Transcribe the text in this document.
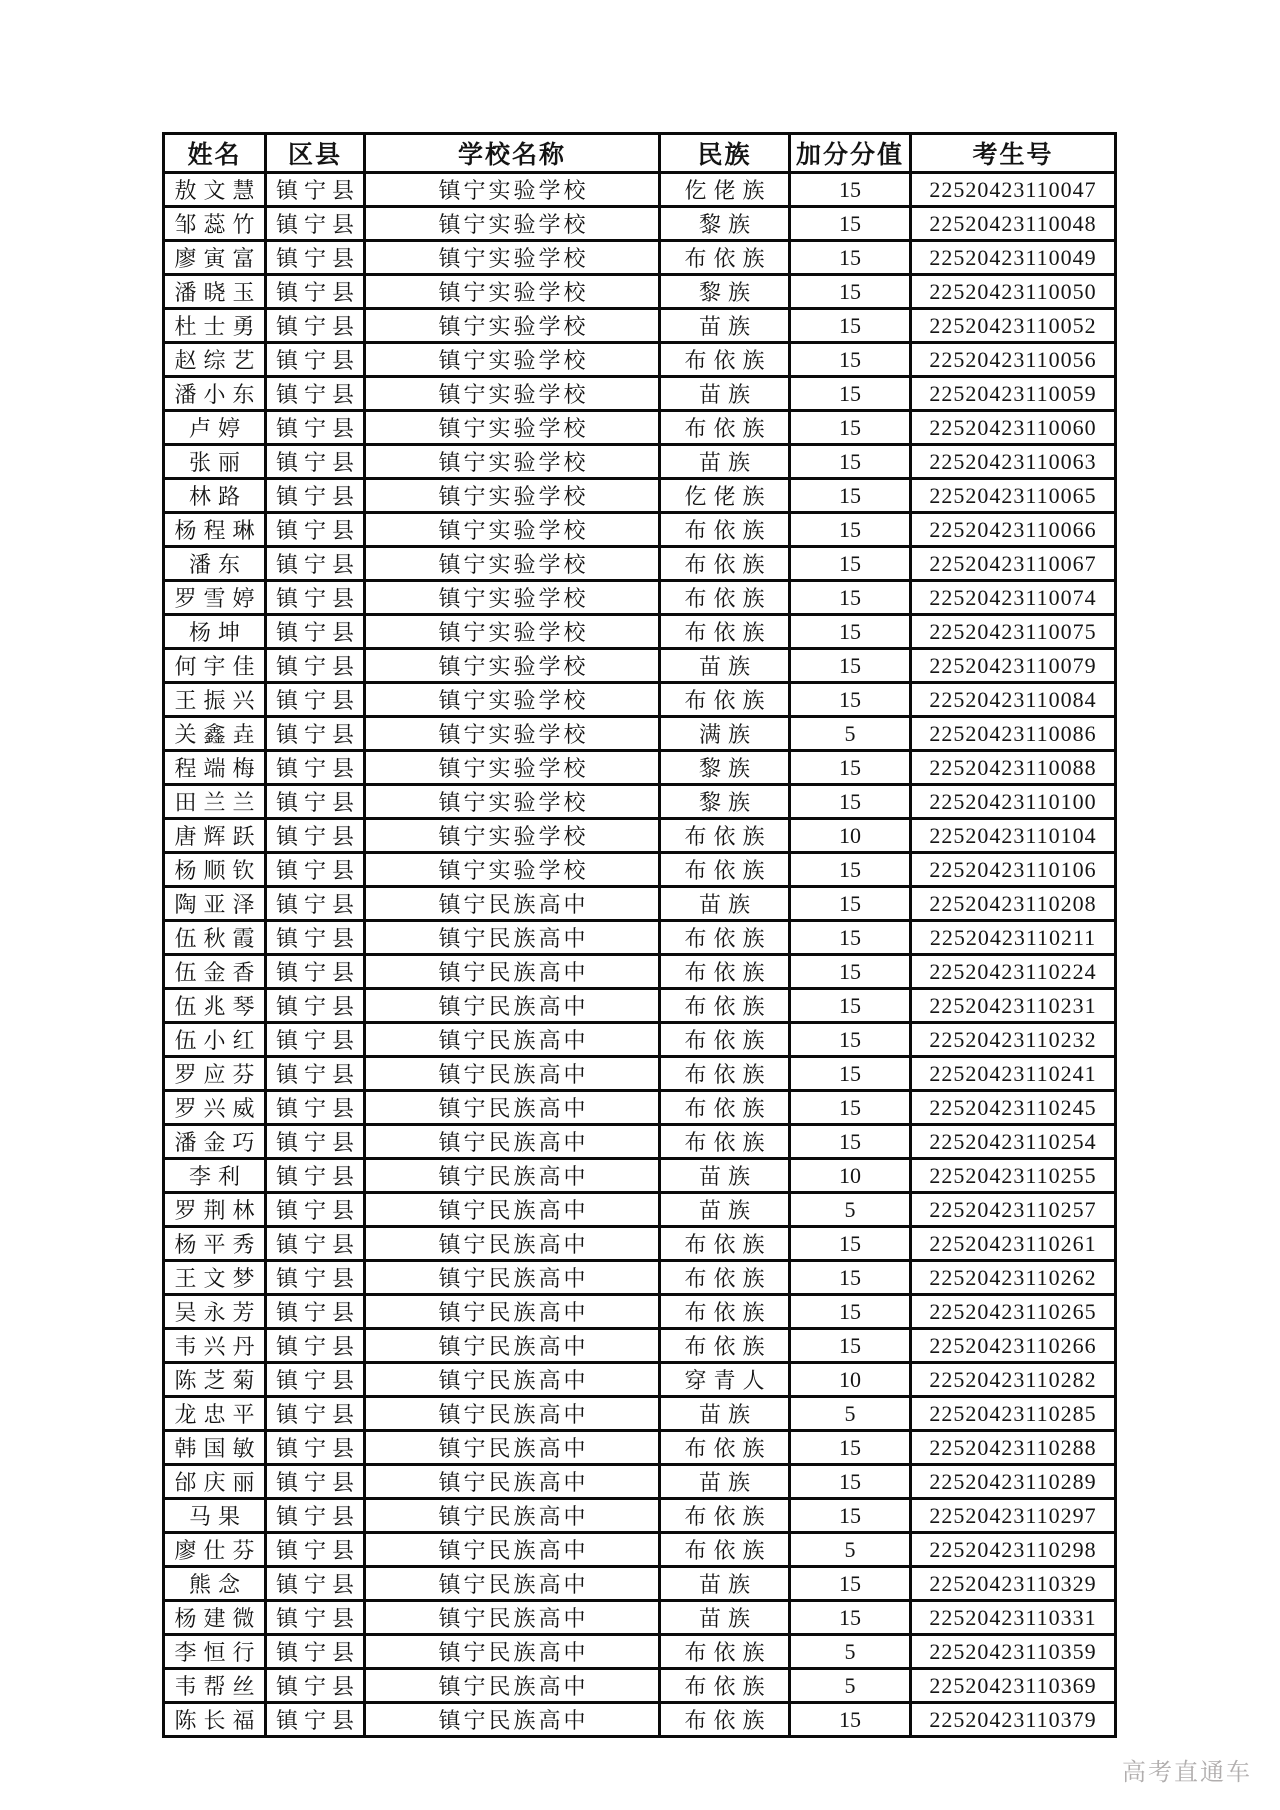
姓名	区县	学校名称	民族	加分分值	考生号
敖文慧	镇宁县	镇宁实验学校	仡佬族	15	22520423110047
邹蕊竹	镇宁县	镇宁实验学校	黎族	15	22520423110048
廖寅富	镇宁县	镇宁实验学校	布依族	15	22520423110049
潘晓玉	镇宁县	镇宁实验学校	黎族	15	22520423110050
杜士勇	镇宁县	镇宁实验学校	苗族	15	22520423110052
赵综艺	镇宁县	镇宁实验学校	布依族	15	22520423110056
潘小东	镇宁县	镇宁实验学校	苗族	15	22520423110059
卢婷	镇宁县	镇宁实验学校	布依族	15	22520423110060
张丽	镇宁县	镇宁实验学校	苗族	15	22520423110063
林路	镇宁县	镇宁实验学校	仡佬族	15	22520423110065
杨程琳	镇宁县	镇宁实验学校	布依族	15	22520423110066
潘东	镇宁县	镇宁实验学校	布依族	15	22520423110067
罗雪婷	镇宁县	镇宁实验学校	布依族	15	22520423110074
杨坤	镇宁县	镇宁实验学校	布依族	15	22520423110075
何宇佳	镇宁县	镇宁实验学校	苗族	15	22520423110079
王振兴	镇宁县	镇宁实验学校	布依族	15	22520423110084
关鑫垚	镇宁县	镇宁实验学校	满族	5	22520423110086
程端梅	镇宁县	镇宁实验学校	黎族	15	22520423110088
田兰兰	镇宁县	镇宁实验学校	黎族	15	22520423110100
唐辉跃	镇宁县	镇宁实验学校	布依族	10	22520423110104
杨顺钦	镇宁县	镇宁实验学校	布依族	15	22520423110106
陶亚泽	镇宁县	镇宁民族高中	苗族	15	22520423110208
伍秋霞	镇宁县	镇宁民族高中	布依族	15	22520423110211
伍金香	镇宁县	镇宁民族高中	布依族	15	22520423110224
伍兆琴	镇宁县	镇宁民族高中	布依族	15	22520423110231
伍小红	镇宁县	镇宁民族高中	布依族	15	22520423110232
罗应芬	镇宁县	镇宁民族高中	布依族	15	22520423110241
罗兴威	镇宁县	镇宁民族高中	布依族	15	22520423110245
潘金巧	镇宁县	镇宁民族高中	布依族	15	22520423110254
李利	镇宁县	镇宁民族高中	苗族	10	22520423110255
罗荆林	镇宁县	镇宁民族高中	苗族	5	22520423110257
杨平秀	镇宁县	镇宁民族高中	布依族	15	22520423110261
王文梦	镇宁县	镇宁民族高中	布依族	15	22520423110262
吴永芳	镇宁县	镇宁民族高中	布依族	15	22520423110265
韦兴丹	镇宁县	镇宁民族高中	布依族	15	22520423110266
陈芝菊	镇宁县	镇宁民族高中	穿青人	10	22520423110282
龙忠平	镇宁县	镇宁民族高中	苗族	5	22520423110285
韩国敏	镇宁县	镇宁民族高中	布依族	15	22520423110288
邰庆丽	镇宁县	镇宁民族高中	苗族	15	22520423110289
马果	镇宁县	镇宁民族高中	布依族	15	22520423110297
廖仕芬	镇宁县	镇宁民族高中	布依族	5	22520423110298
熊念	镇宁县	镇宁民族高中	苗族	15	22520423110329
杨建微	镇宁县	镇宁民族高中	苗族	15	22520423110331
李恒行	镇宁县	镇宁民族高中	布依族	5	22520423110359
韦帮丝	镇宁县	镇宁民族高中	布依族	5	22520423110369
陈长福	镇宁县	镇宁民族高中	布依族	15	22520423110379
高考直通车
